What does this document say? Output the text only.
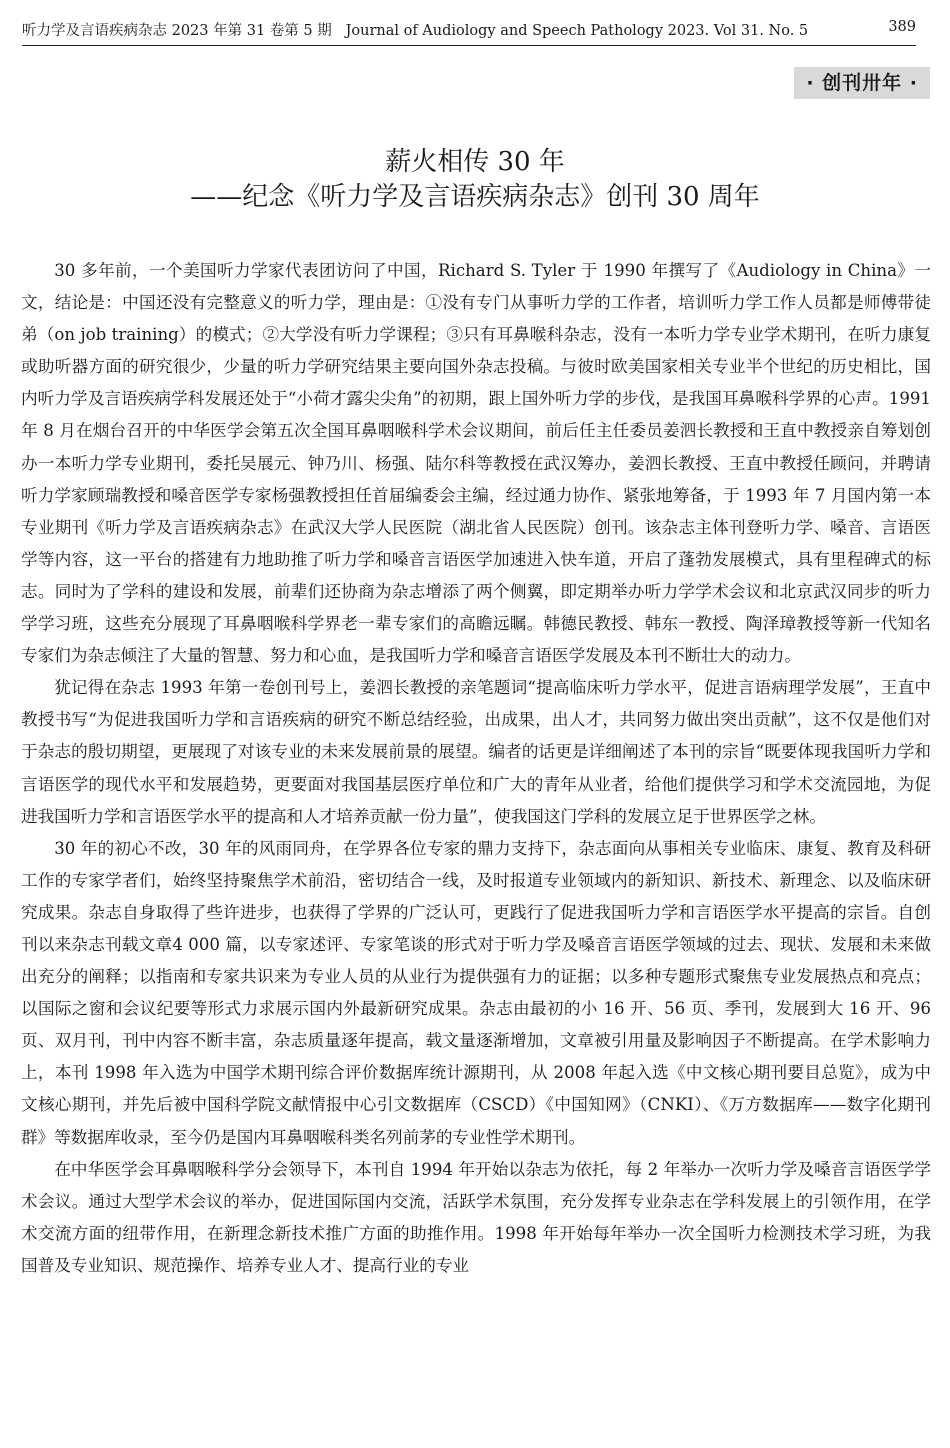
听力学及言语疾病杂志 2023 年第 31 卷第 5 期 Journal of Audiology and Speech Pathology 2023. Vol 31. No. 5	389
· 创刊卅年 ·
薪火相传 30 年
——纪念《听力学及言语疾病杂志》创刊 30 周年

30 多年前，一个美国听力学家代表团访问了中国，Richard S. Tyler 于 1990 年撰写了《Audiology in China》一文，结论是：中国还没有完整意义的听力学，理由是：①没有专门从事听力学的工作者，培训听力学工作人员都是师傅带徒弟（on job training）的模式；②大学没有听力学课程；③只有耳鼻喉科杂志，没有一本听力学专业学术期刊，在听力康复或助听器方面的研究很少，少量的听力学研究结果主要向国外杂志投稿。与彼时欧美国家相关专业半个世纪的历史相比，国内听力学及言语疾病学科发展还处于“小荷才露尖尖角”的初期，跟上国外听力学的步伐，是我国耳鼻喉科学界的心声。1991 年 8 月在烟台召开的中华医学会第五次全国耳鼻咽喉科学术会议期间，前后任主任委员姜泗长教授和王直中教授亲自筹划创办一本听力学专业期刊，委托吴展元、钟乃川、杨强、陆尔科等教授在武汉筹办，姜泗长教授、王直中教授任顾问，并聘请听力学家顾瑞教授和嗓音医学专家杨强教授担任首届编委会主编，经过通力协作、紧张地筹备，于 1993 年 7 月国内第一本专业期刊《听力学及言语疾病杂志》在武汉大学人民医院（湖北省人民医院）创刊。该杂志主体刊登听力学、嗓音、言语医学等内容，这一平台的搭建有力地助推了听力学和嗓音言语医学加速进入快车道，开启了蓬勃发展模式，具有里程碑式的标志。同时为了学科的建设和发展，前辈们还协商为杂志增添了两个侧翼，即定期举办听力学学术会议和北京武汉同步的听力学学习班，这些充分展现了耳鼻咽喉科学界老一辈专家们的高瞻远瞩。韩德民教授、韩东一教授、陶泽璋教授等新一代知名专家们为杂志倾注了大量的智慧、努力和心血，是我国听力学和嗓音言语医学发展及本刊不断壮大的动力。

犹记得在杂志 1993 年第一卷创刊号上，姜泗长教授的亲笔题词“提高临床听力学水平，促进言语病理学发展”，王直中教授书写“为促进我国听力学和言语疾病的研究不断总结经验，出成果，出人才，共同努力做出突出贡献”，这不仅是他们对于杂志的殷切期望，更展现了对该专业的未来发展前景的展望。编者的话更是详细阐述了本刊的宗旨“既要体现我国听力学和言语医学的现代水平和发展趋势，更要面对我国基层医疗单位和广大的青年从业者，给他们提供学习和学术交流园地，为促进我国听力学和言语医学水平的提高和人才培养贡献一份力量”，使我国这门学科的发展立足于世界医学之林。

30 年的初心不改，30 年的风雨同舟，在学界各位专家的鼎力支持下，杂志面向从事相关专业临床、康复、教育及科研工作的专家学者们，始终坚持聚焦学术前沿，密切结合一线，及时报道专业领域内的新知识、新技术、新理念、以及临床研究成果。杂志自身取得了些许进步，也获得了学界的广泛认可，更践行了促进我国听力学和言语医学水平提高的宗旨。自创刊以来杂志刊载文章4 000 篇，以专家述评、专家笔谈的形式对于听力学及嗓音言语医学领域的过去、现状、发展和未来做出充分的阐释；以指南和专家共识来为专业人员的从业行为提供强有力的证据；以多种专题形式聚焦专业发展热点和亮点；以国际之窗和会议纪要等形式力求展示国内外最新研究成果。杂志由最初的小 16 开、56 页、季刊，发展到大 16 开、96 页、双月刊，刊中内容不断丰富，杂志质量逐年提高，载文量逐渐增加，文章被引用量及影响因子不断提高。在学术影响力上，本刊 1998 年入选为中国学术期刊综合评价数据库统计源期刊，从 2008 年起入选《中文核心期刊要目总览》，成为中文核心期刊，并先后被中国科学院文献情报中心引文数据库（CSCD）《中国知网》（CNKI）、《万方数据库——数字化期刊群》等数据库收录，至今仍是国内耳鼻咽喉科类名列前茅的专业性学术期刊。

在中华医学会耳鼻咽喉科学分会领导下，本刊自 1994 年开始以杂志为依托，每 2 年举办一次听力学及嗓音言语医学学术会议。通过大型学术会议的举办，促进国际国内交流，活跃学术氛围，充分发挥专业杂志在学科发展上的引领作用，在学术交流方面的纽带作用，在新理念新技术推广方面的助推作用。1998 年开始每年举办一次全国听力检测技术学习班，为我国普及专业知识、规范操作、培养专业人才、提高行业的专业
